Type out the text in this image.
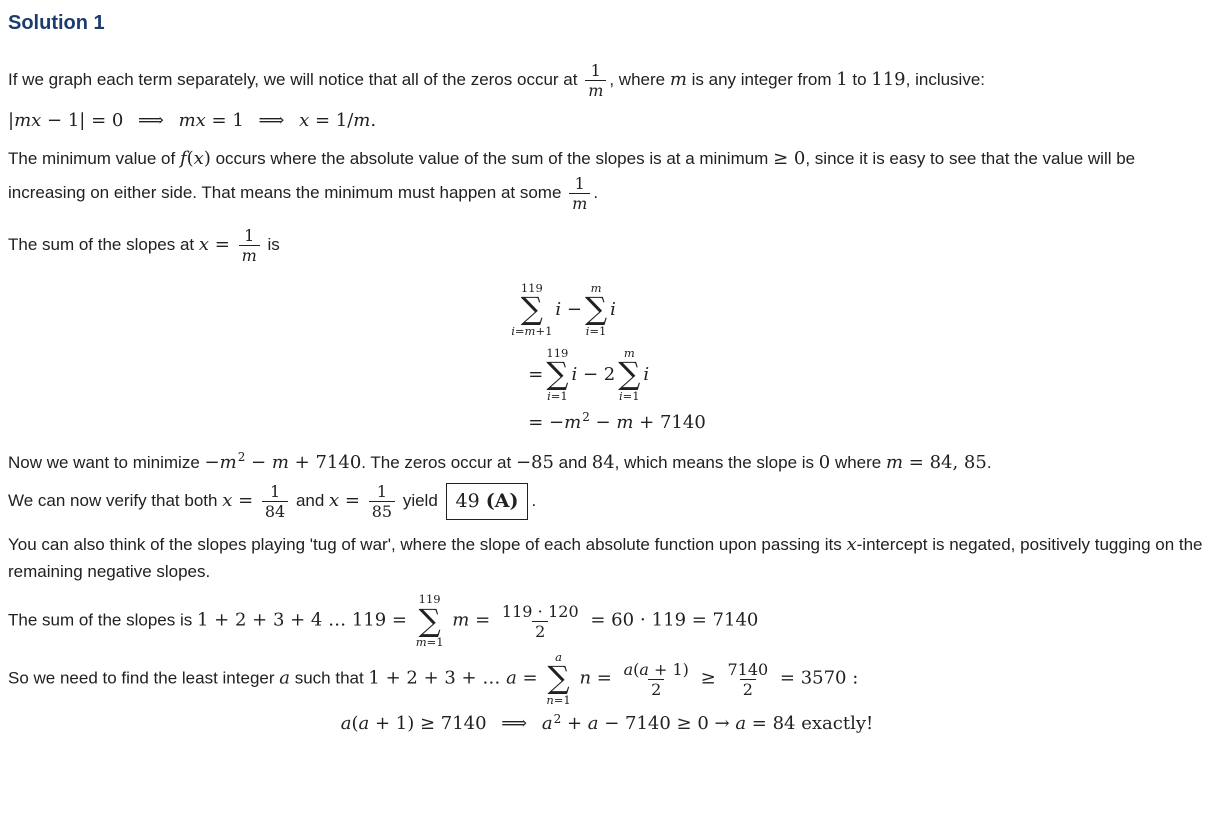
Solution 1

If we graph each term separately, we will notice that all of the zeros occur at $\frac{1}{m}$ , where m is any integer from 1 to 119, inclusive:

|mx − 1| = 0  ⟹  mx = 1  ⟹  x = 1/m.

The minimum value of f(x) occurs where the absolute value of the sum of the slopes is at a minimum ≥ 0, since it is easy to see that the value will be increasing on either side. That means the minimum must happen at some $\frac{1}{m}$ .

The sum of the slopes at $x = \frac{1}{m}$ is

119
∑
i=m+1
i −
m
∑
i=1
i
=
119
∑
i=1
i − 2
m
∑
i=1
i
= $-m^2 - m + 7140$

Now we want to minimize $-m^2 - m + 7140$. The zeros occur at −85 and 84, which means the slope is 0 where m = 84, 85.

We can now verify that both $x = \frac{1}{84}$ and $x = \frac{1}{85}$ yield 49 (A) .

You can also think of the slopes playing 'tug of war', where the slope of each absolute function upon passing its x-intercept is negated, positively tugging on the remaining negative slopes.

The sum of the slopes is 1 + 2 + 3 + 4 … 119 =
119
∑
m=1
$m = \frac{119 \cdot 120}{2} = 60 \cdot 119 = 7140$

So we need to find the least integer a such that 1 + 2 + 3 + … a =
a
∑
n=1
$n = \frac{a(a + 1)}{2} \ge \frac{7140}{2} = 3570$ :

a(a + 1) ≥ 7140  ⟹  $a^2 + a - 7140 \ge 0 \to a = 84$ exactly!
